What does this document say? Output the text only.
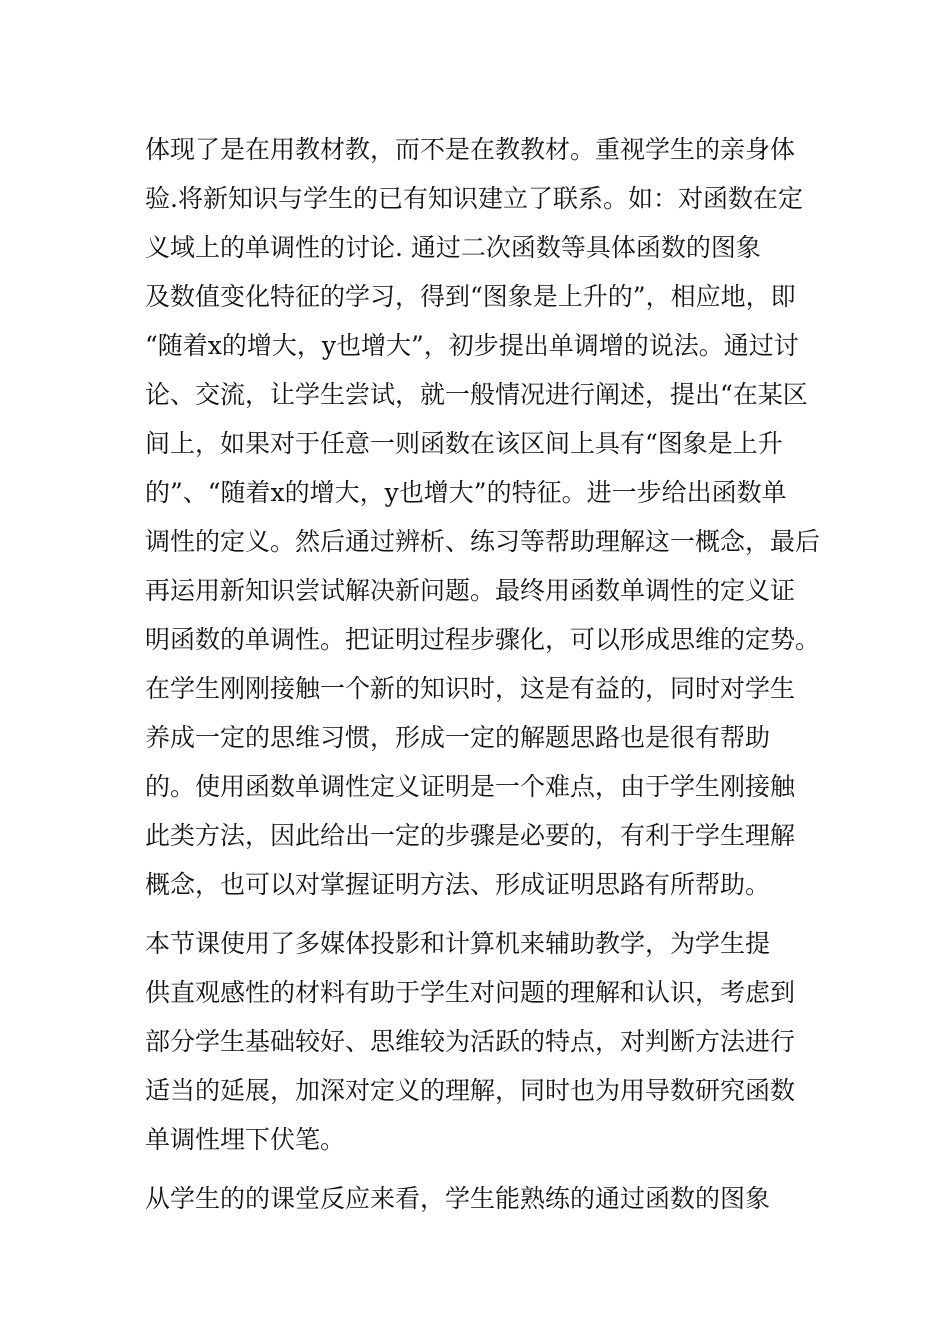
体现了是在用教材教，而不是在教教材。重视学生的亲身体
验.将新知识与学生的已有知识建立了联系。如：对函数在定
义域上的单调性的讨论. 通过二次函数等具体函数的图象
及数值变化特征的学习，得到“图象是上升的”，相应地，即
“随着x的增大，y也增大”，初步提出单调增的说法。通过讨
论、交流，让学生尝试，就一般情况进行阐述，提出“在某区
间上，如果对于任意一则函数在该区间上具有“图象是上升
的”、“随着x的增大，y也增大”的特征。进一步给出函数单
调性的定义。然后通过辨析、练习等帮助理解这一概念，最后
再运用新知识尝试解决新问题。最终用函数单调性的定义证
明函数的单调性。把证明过程步骤化，可以形成思维的定势。
在学生刚刚接触一个新的知识时，这是有益的，同时对学生
养成一定的思维习惯，形成一定的解题思路也是很有帮助
的。使用函数单调性定义证明是一个难点，由于学生刚接触
此类方法，因此给出一定的步骤是必要的，有利于学生理解
概念，也可以对掌握证明方法、形成证明思路有所帮助。
本节课使用了多媒体投影和计算机来辅助教学，为学生提
供直观感性的材料有助于学生对问题的理解和认识，考虑到
部分学生基础较好、思维较为活跃的特点，对判断方法进行
适当的延展，加深对定义的理解，同时也为用导数研究函数
单调性埋下伏笔。
从学生的的课堂反应来看，学生能熟练的通过函数的图象
